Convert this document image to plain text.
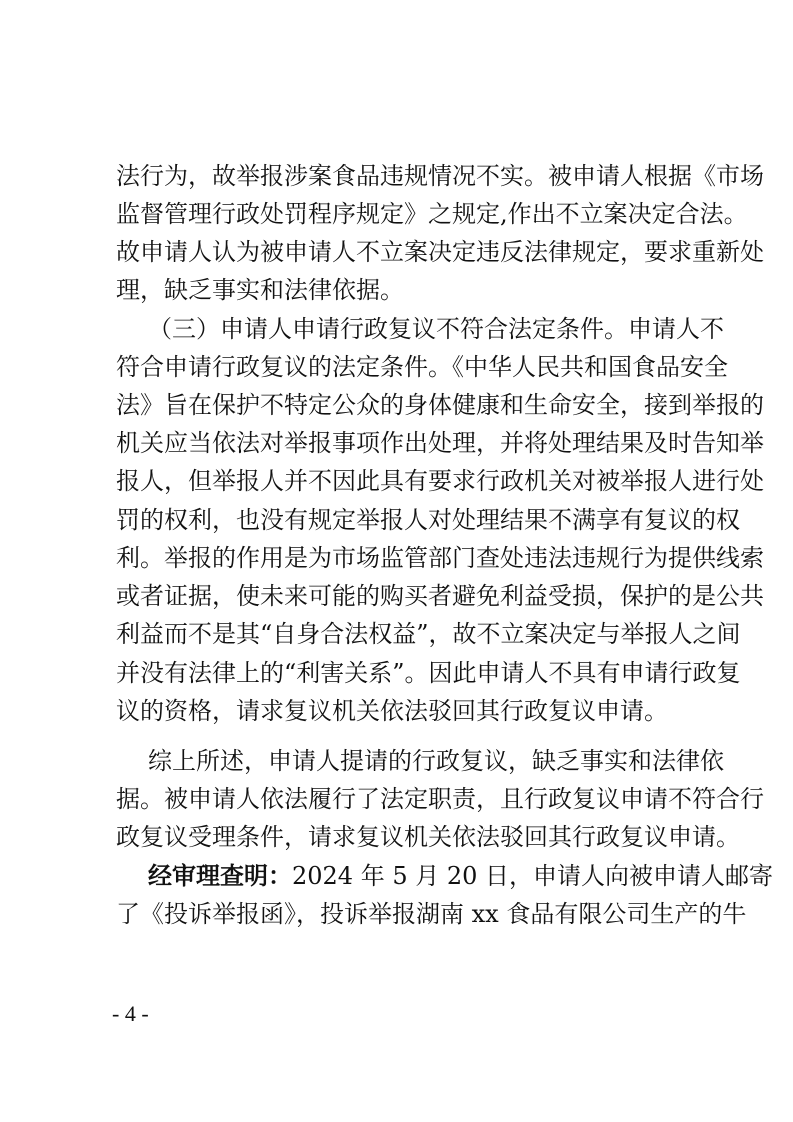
法行为，故举报涉案食品违规情况不实。被申请人根据《市场
监督管理行政处罚程序规定》之规定,作出不立案决定合法。
故申请人认为被申请人不立案决定违反法律规定，要求重新处
理，缺乏事实和法律依据。
（三）申请人申请行政复议不符合法定条件。申请人不
符合申请行政复议的法定条件。《中华人民共和国食品安全
法》旨在保护不特定公众的身体健康和生命安全，接到举报的
机关应当依法对举报事项作出处理，并将处理结果及时告知举
报人，但举报人并不因此具有要求行政机关对被举报人进行处
罚的权利，也没有规定举报人对处理结果不满享有复议的权
利。举报的作用是为市场监管部门查处违法违规行为提供线索
或者证据，使未来可能的购买者避免利益受损，保护的是公共
利益而不是其“自身合法权益”，故不立案决定与举报人之间
并没有法律上的“利害关系”。因此申请人不具有申请行政复
议的资格，请求复议机关依法驳回其行政复议申请。
综上所述，申请人提请的行政复议，缺乏事实和法律依
据。被申请人依法履行了法定职责，且行政复议申请不符合行
政复议受理条件，请求复议机关依法驳回其行政复议申请。
经审理查明：2024 年 5 月 20 日，申请人向被申请人邮寄
了《投诉举报函》，投诉举报湖南 xx 食品有限公司生产的牛
- 4 -
